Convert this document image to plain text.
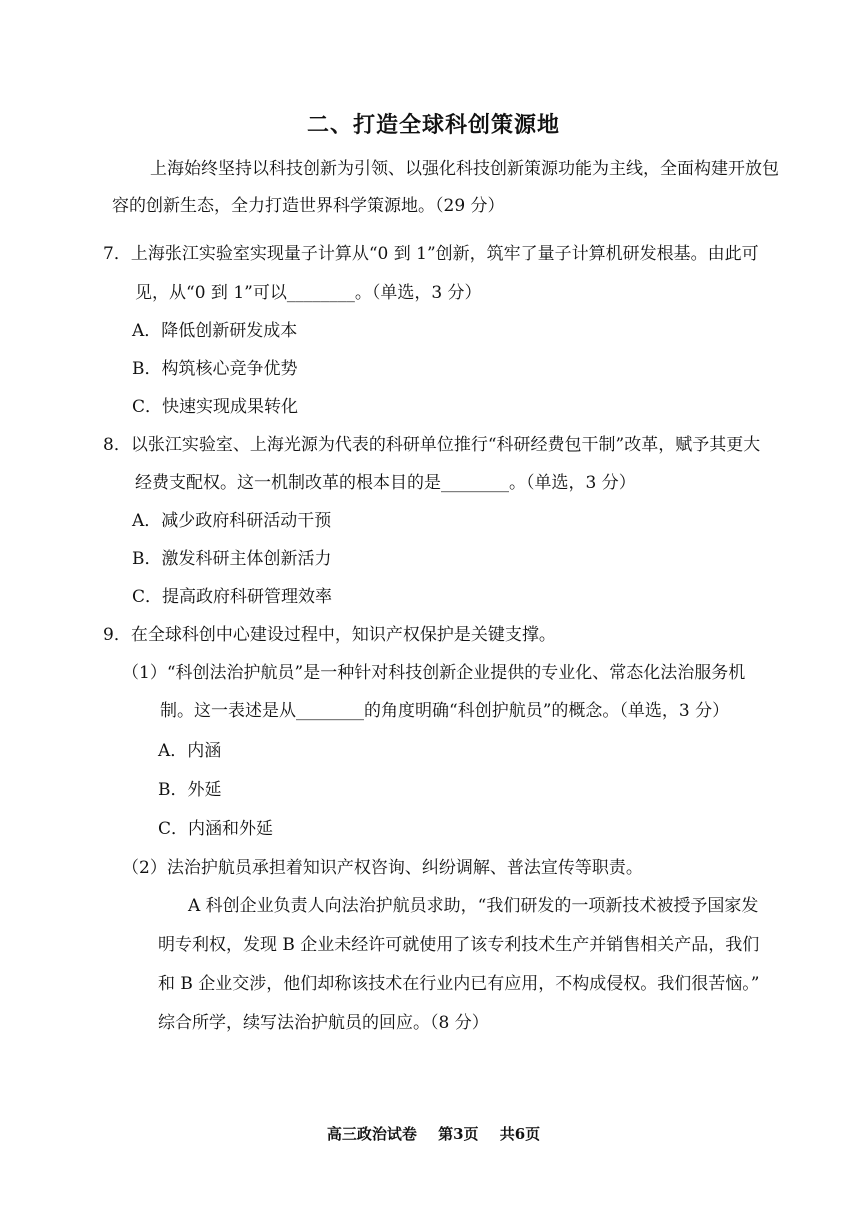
二、打造全球科创策源地
上海始终坚持以科技创新为引领、以强化科技创新策源功能为主线，全面构建开放包
容的创新生态，全力打造世界科学策源地。（29 分）
7．上海张江实验室实现量子计算从“0 到 1”创新，筑牢了量子计算机研发根基。由此可
见，从“0 到 1”可以________。（单选，3 分）
A．降低创新研发成本
B．构筑核心竞争优势
C．快速实现成果转化
8．以张江实验室、上海光源为代表的科研单位推行“科研经费包干制”改革，赋予其更大
经费支配权。这一机制改革的根本目的是________。（单选，3 分）
A．减少政府科研活动干预
B．激发科研主体创新活力
C．提高政府科研管理效率
9．在全球科创中心建设过程中，知识产权保护是关键支撑。
（1）“科创法治护航员”是一种针对科技创新企业提供的专业化、常态化法治服务机
制。这一表述是从________的角度明确“科创护航员”的概念。（单选，3 分）
A．内涵
B．外延
C．内涵和外延
（2）法治护航员承担着知识产权咨询、纠纷调解、普法宣传等职责。
A 科创企业负责人向法治护航员求助，“我们研发的一项新技术被授予国家发
明专利权，发现 B 企业未经许可就使用了该专利技术生产并销售相关产品，我们
和 B 企业交涉，他们却称该技术在行业内已有应用，不构成侵权。我们很苦恼。”
综合所学，续写法治护航员的回应。（8 分）
高三政治试卷 第3页 共6页
